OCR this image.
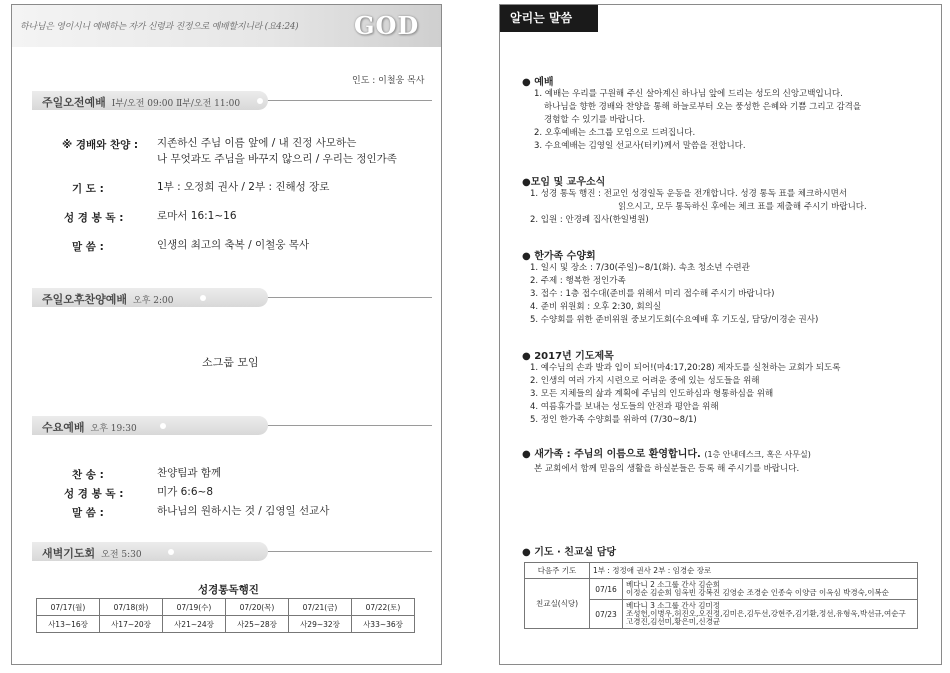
하나님은 영이시니 예배하는 자가 신령과 진정으로 예배할지니라 (요4:24) GOD
인도 : 이철웅 목사
주일오전예배 Ⅰ부/오전 09:00 Ⅱ부/오전 11:00
※ 경배와 찬양 : 지존하신 주님 이름 앞에 / 내 진정 사모하는
나 무엇과도 주님을 바꾸지 않으리 / 우리는 정인가족
기 도 :	1부 : 오정희 권사 / 2부 : 진해성 장로
성 경 봉 독 :	로마서 16:1~16
말 씀 :	인생의 최고의 축복 / 이철웅 목사
주일오후찬양예배 오후 2:00
소그룹 모임
수요예배 오후 19:30
찬 송 :	찬양팀과 함께
성 경 봉 독 :	미가 6:6~8
말 씀 :	하나님의 원하시는 것 / 김영일 선교사
새벽기도회 오전 5:30
성경통독행진
07/17(월)	07/18(화)	07/19(수)	07/20(목)	07/21(금)	07/22(토)
사13~16장	사17~20장	사21~24장	사25~28장	사29~32장	사33~36장
알리는 말씀
● 예배
1. 예배는 우리를 구원해 주신 살아계신 하나님 앞에 드리는 성도의 신앙고백입니다.
하나님을 향한 경배와 찬양을 통해 하늘로부터 오는 풍성한 은혜와 기쁨 그리고 감격을
경험할 수 있기를 바랍니다.
2. 오후예배는 소그룹 모임으로 드려집니다.
3. 수요예배는 김영일 선교사(터키)께서 말씀을 전합니다.
●모임 및 교우소식
1. 성경 통독 행진 : 전교인 성경일독 운동을 전개합니다. 성경 통독 표를 체크하시면서
읽으시고, 모두 통독하신 후에는 체크 표를 제출해 주시기 바랍니다.
2. 입원 : 안경례 집사(한일병원)
● 한가족 수양회
1. 일시 및 장소 : 7/30(주일)~8/1(화). 속초 청소년 수련관
2. 주제 : 행복한 정인가족
3. 접수 : 1층 접수대(준비를 위해서 미리 접수해 주시기 바랍니다)
4. 준비 위원회 : 오후 2:30, 회의실
5. 수양회를 위한 준비위원 중보기도회(수요예배 후 기도실, 담당/이경순 권사)
● 2017년 기도제목
1. 예수님의 손과 발과 입이 되어!(마4:17,20:28) 제자도를 실천하는 교회가 되도록
2. 인생의 여러 가지 시련으로 어려운 중에 있는 성도들을 위해
3. 모든 지체들의 삶과 계획에 주님의 인도하심과 형통하심을 위해
4. 여름휴가를 보내는 성도들의 안전과 평안을 위해
5. 정인 한가족 수양회를 위하여 (7/30~8/1)
● 새가족 : 주님의 이름으로 환영합니다. (1층 안내데스크, 혹은 사무실)
본 교회에서 함께 믿음의 생활을 하실분들은 등록 해 주시기를 바랍니다.
● 기도 · 친교실 담당
다음주 기도	1부 : 정정애 권사 2부 : 임경순 장로	
친교실(식당)	07/16	베다니 2 소그룹 간사 김순희
이정순 김순희 임옥빈 강복진 김영순 조경순 인종숙 이양금 이옥심 박경숙,이복순

	07/23	베다니 3 소그룹 간사 김미정
조성헌,이병우,허진오,오진정,김미은,김두선,강현주,김기환,정선,유형욱,박선규,여순구
고경진,김선미,황은미,신경균
